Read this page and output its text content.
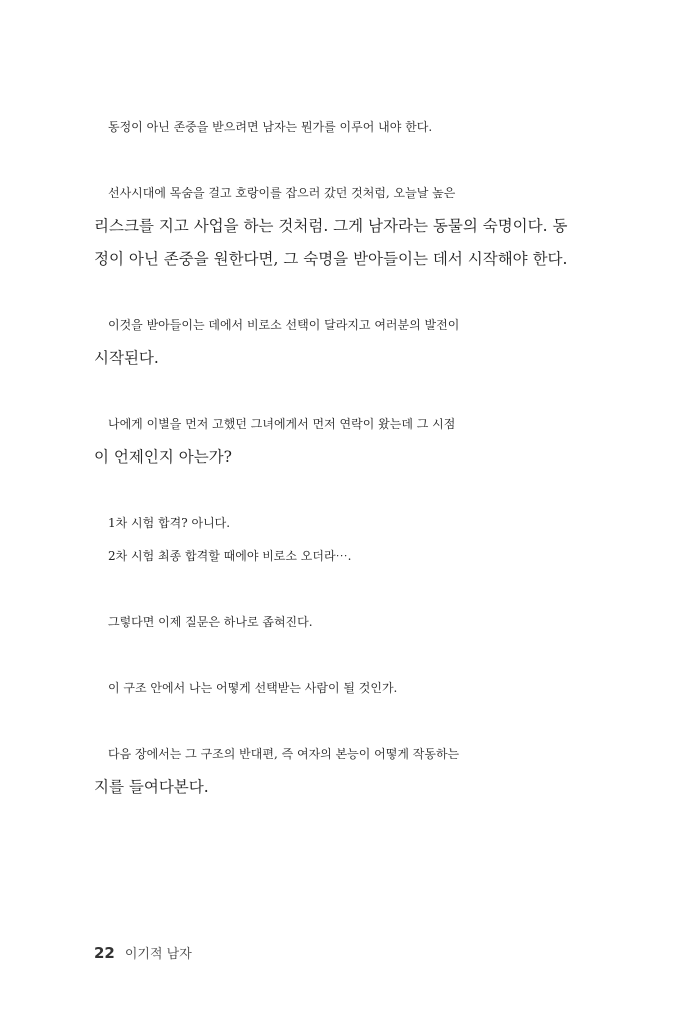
동정이 아닌 존중을 받으려면 남자는 뭔가를 이루어 내야 한다.

선사시대에 목숨을 걸고 호랑이를 잡으러 갔던 것처럼, 오늘날 높은
리스크를 지고 사업을 하는 것처럼. 그게 남자라는 동물의 숙명이다. 동
정이 아닌 존중을 원한다면, 그 숙명을 받아들이는 데서 시작해야 한다.

이것을 받아들이는 데에서 비로소 선택이 달라지고 여러분의 발전이
시작된다.

나에게 이별을 먼저 고했던 그녀에게서 먼저 연락이 왔는데 그 시점
이 언제인지 아는가?

1차 시험 합격? 아니다.

2차 시험 최종 합격할 때에야 비로소 오더라⋯.

그렇다면 이제 질문은 하나로 좁혀진다.

이 구조 안에서 나는 어떻게 선택받는 사람이 될 것인가.

다음 장에서는 그 구조의 반대편, 즉 여자의 본능이 어떻게 작동하는
지를 들여다본다.

22 이기적 남자
